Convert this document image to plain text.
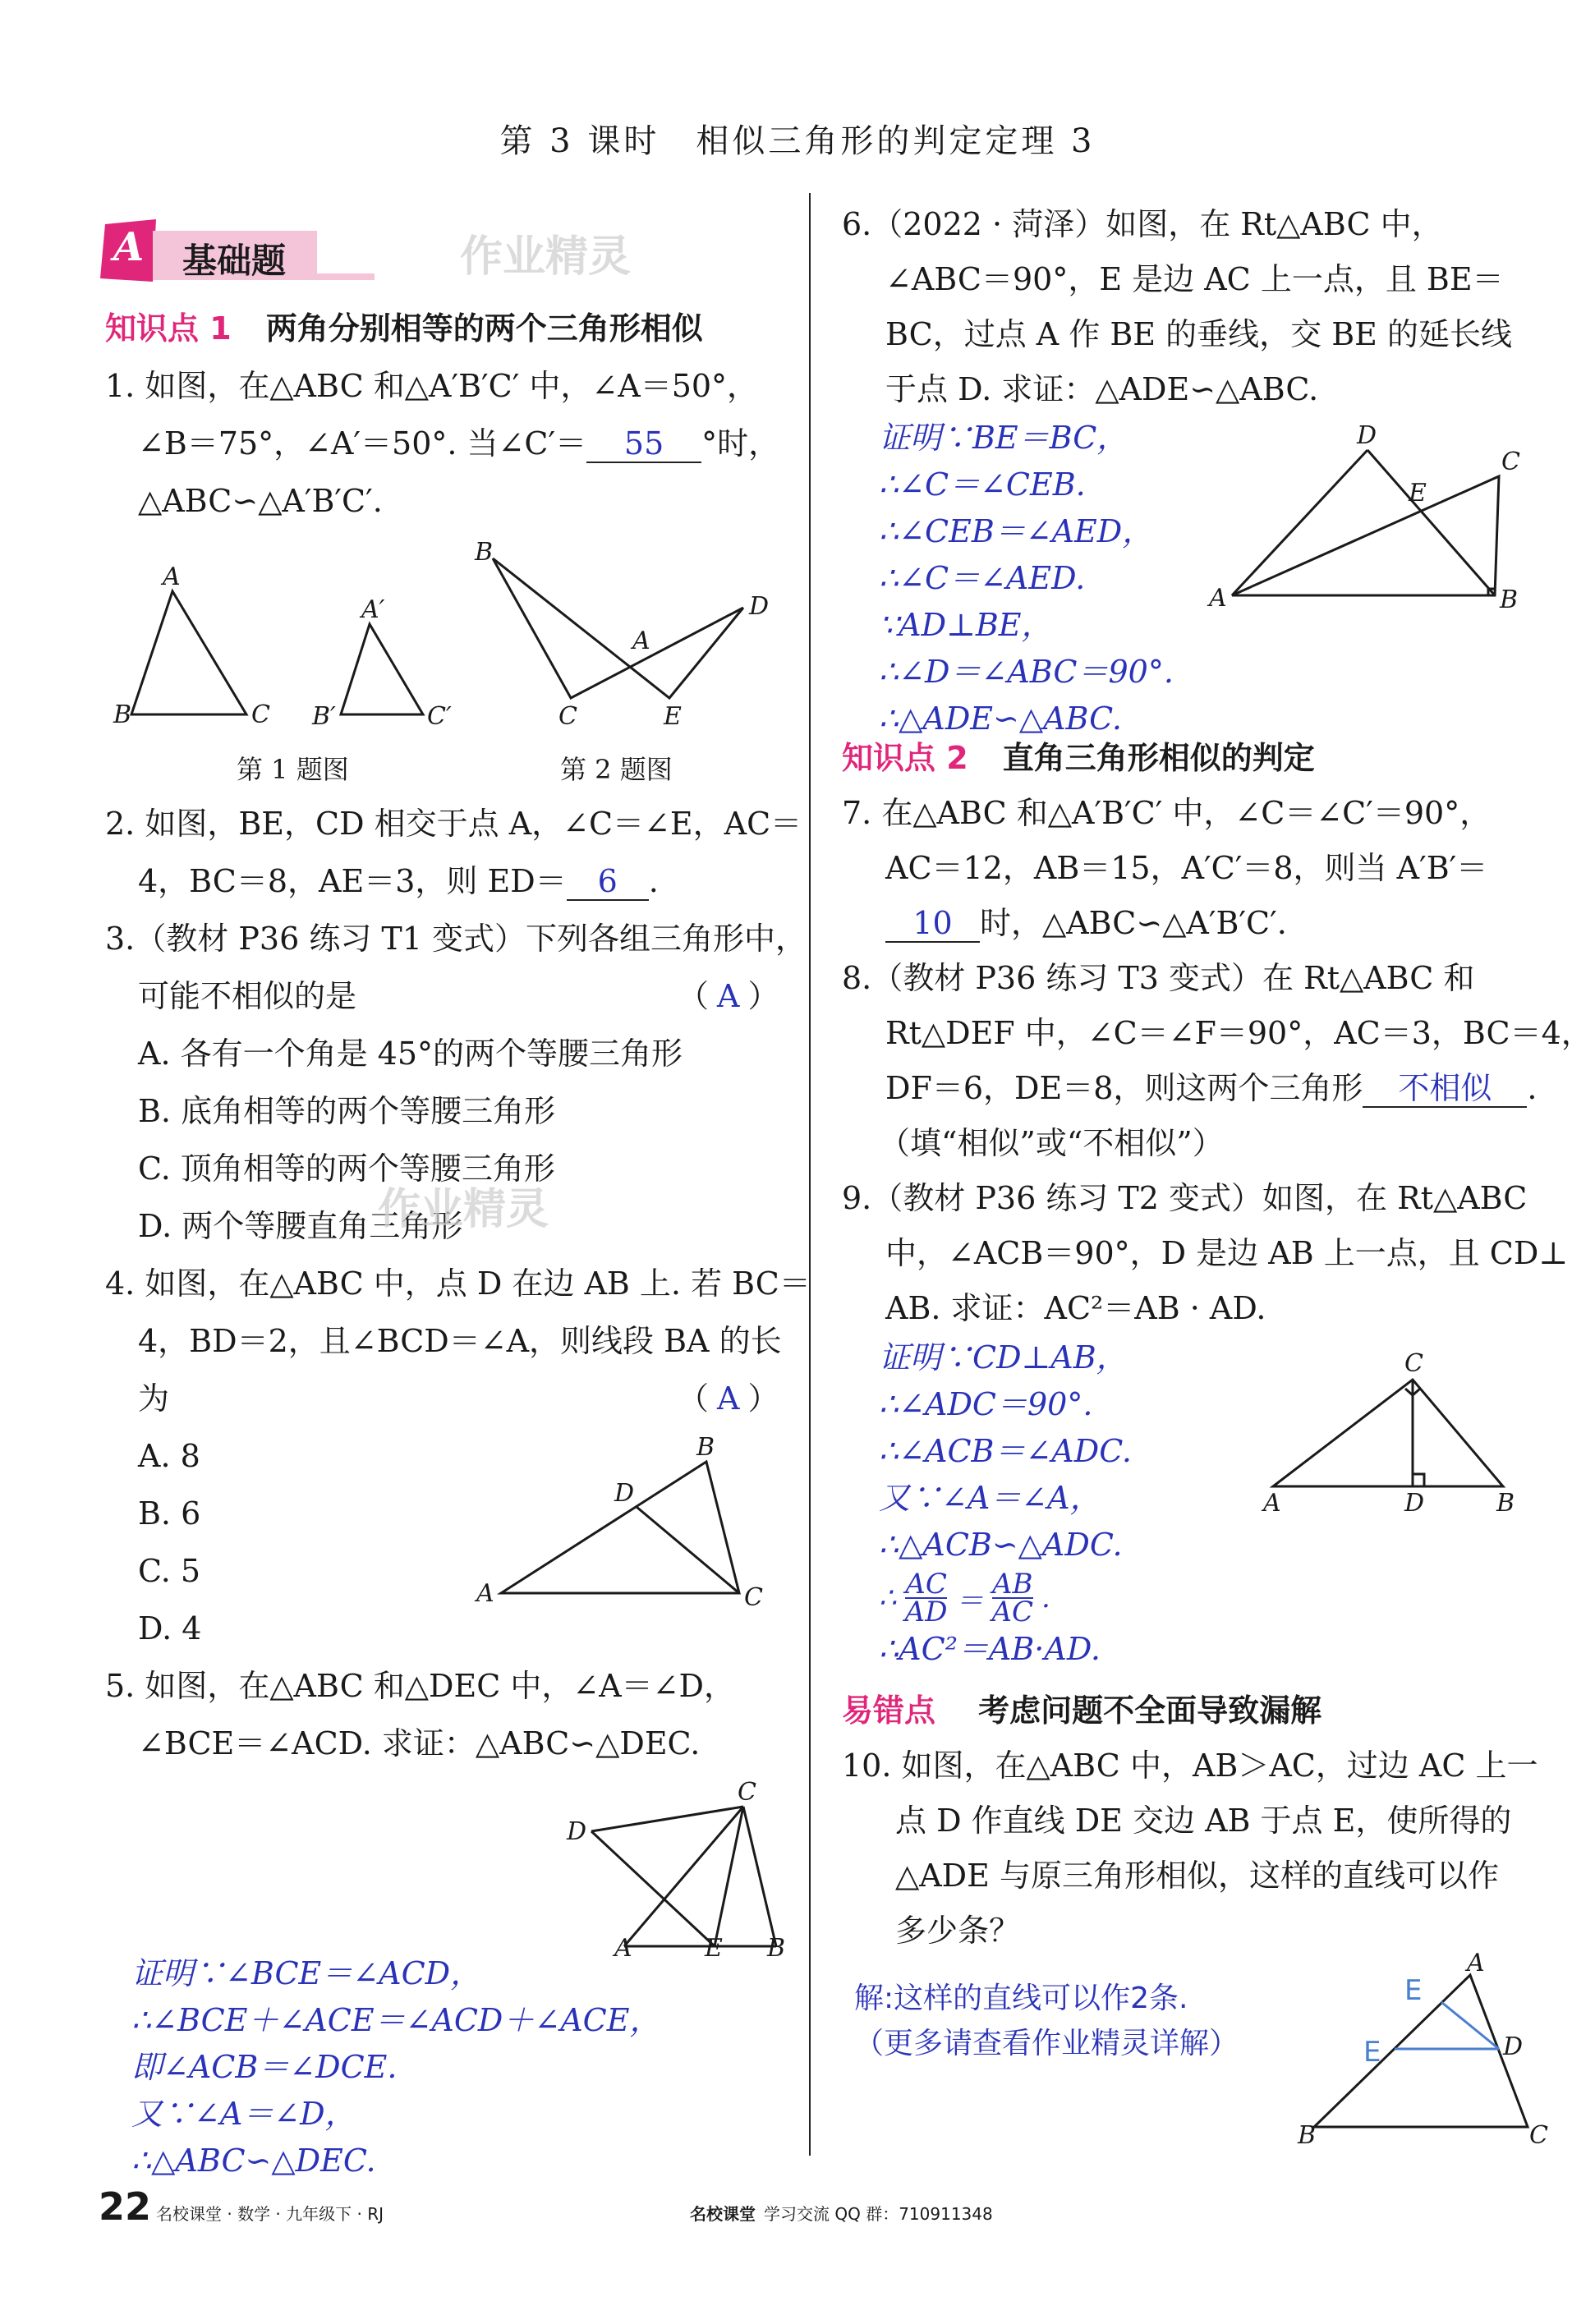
第 3 课时　相似三角形的判定定理 3
A 基础题	作业精灵
知识点 1 两角分别相等的两个三角形相似
1. 如图，在△ABC 和△A′B′C′ 中，∠A＝50°，
∠B＝75°，∠A′＝50°. 当∠C′＝ 55 °时，
△ABC∽△A′B′C′.
A
B	C
A′
B′	C′
B
A
C	E
D
第 1 题图	第 2 题图
2. 如图，BE，CD 相交于点 A，∠C＝∠E，AC＝
4，BC＝8，AE＝3，则 ED＝ 6 .
3.（教材 P36 练习 T1 变式）下列各组三角形中，
可能不相似的是	（ A ）
A. 各有一个角是 45°的两个等腰三角形
B. 底角相等的两个等腰三角形
C. 顶角相等的两个等腰三角形
D. 两个等腰直角三角形
作业精灵
4. 如图，在△ABC 中，点 D 在边 AB 上. 若 BC＝
4，BD＝2，且∠BCD＝∠A，则线段 BA 的长
为	（ A ）
A. 8
B. 6
C. 5
D. 4
A
B
C
D
5. 如图，在△ABC 和△DEC 中，∠A＝∠D，
∠BCE＝∠ACD. 求证：△ABC∽△DEC.
D
C
A	E B
证明∵∠BCE＝∠ACD，
∴∠BCE＋∠ACE＝∠ACD＋∠ACE，
即∠ACB＝∠DCE.
又∵∠A＝∠D，
∴△ABC∽△DEC.
6.（2022 · 菏泽）如图，在 Rt△ABC 中，
∠ABC＝90°，E 是边 AC 上一点，且 BE＝
BC，过点 A 作 BE 的垂线，交 BE 的延长线
于点 D. 求证：△ADE∽△ABC.
证明∵BE＝BC，
∴∠C＝∠CEB.
∴∠CEB＝∠AED，
∴∠C＝∠AED.
∵AD⊥BE，
∴∠D＝∠ABC＝90°.
∴△ADE∽△ABC.
A	B
C
D
E
知识点 2 直角三角形相似的判定
7. 在△ABC 和△A′B′C′ 中，∠C＝∠C′＝90°，
AC＝12，AB＝15，A′C′＝8，则当 A′B′＝
10 时，△ABC∽△A′B′C′.
8.（教材 P36 练习 T3 变式）在 Rt△ABC 和
Rt△DEF 中，∠C＝∠F＝90°，AC＝3，BC＝4，
DF＝6，DE＝8，则这两个三角形 不相似 .
（填“相似”或“不相似”）
9.（教材 P36 练习 T2 变式）如图，在 Rt△ABC
中，∠ACB＝90°，D 是边 AB 上一点，且 CD⊥
AB. 求证：AC²＝AB · AD.
证明∵CD⊥AB，
∴∠ADC＝90°.
∴∠ACB＝∠ADC.
又∵∠A＝∠A，
∴△ACB∽△ADC.
∴ $\frac{AC}{AD} = \frac{AB}{AC}$ .
∴AC²＝AB·AD.
A	D	B
C
易错点 考虑问题不全面导致漏解
10. 如图，在△ABC 中，AB＞AC，过边 AC 上一
点 D 作直线 DE 交边 AB 于点 E，使所得的
△ADE 与原三角形相似，这样的直线可以作
多少条？
解:这样的直线可以作2条.
（更多请查看作业精灵详解）
B	C
A
D
E
E
22 名校课堂 · 数学 · 九年级下 · RJ	名校课堂 学习交流 QQ 群：710911348
